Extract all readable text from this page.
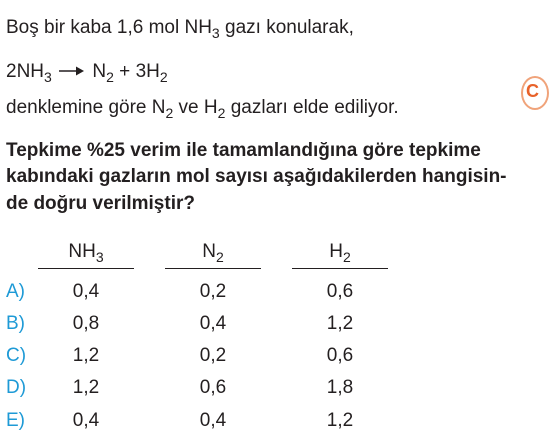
Boş bir kaba 1,6 mol $NH_3$ gazı konularak,
$2NH_3 \to N_2 + 3H_2$
denklemine göre $N_2$ ve $H_2$ gazları elde ediliyor.
C
Tepkime %25 verim ile tamamlandığına göre tepkime
kabındaki gazların mol sayısı aşağıdakilerden hangisin-
de doğru verilmiştir?
$NH_3$	$N_2$	$H_2$
A)	0,4	0,2	0,6
B)	0,8	0,4	1,2
C)	1,2	0,2	0,6
D)	1,2	0,6	1,8
E)	0,4	0,4	1,2
